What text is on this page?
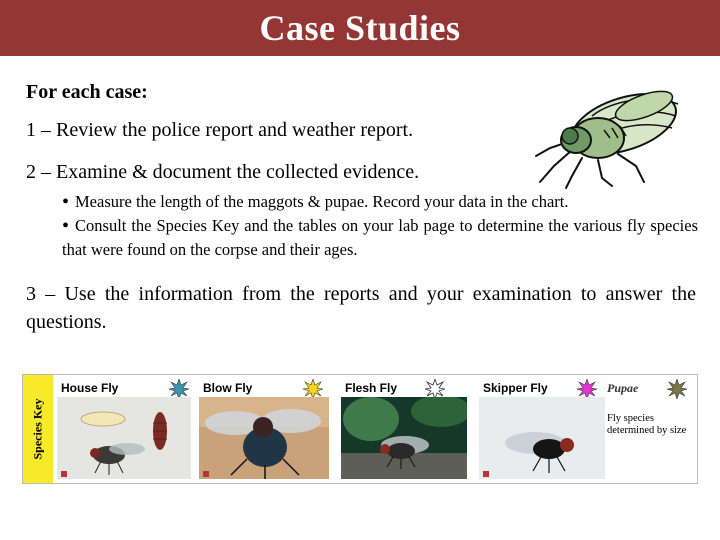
Case Studies
For each case:
1 – Review the police report and weather report.
2 – Examine & document the collected evidence.
• Measure the length of the maggots & pupae. Record your data in the chart.
• Consult the Species Key and the tables on your lab page to determine the various fly species that were found on the corpse and their ages.
3 – Use the information from the reports and your examination to answer the questions.
Species Key
House Fly	Blow Fly	Flesh Fly	Skipper Fly	Pupae
Fly species determined by size
